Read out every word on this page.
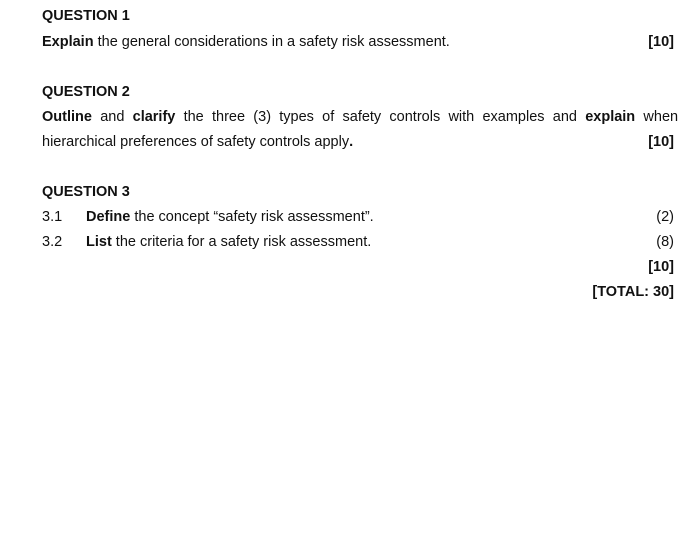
QUESTION 1
Explain the general considerations in a safety risk assessment.	[10]
QUESTION 2
Outline and clarify the three (3) types of safety controls with examples and explain when
hierarchical preferences of safety controls apply.	[10]
QUESTION 3
3.1 Define the concept “safety risk assessment”.	(2)
3.2 List the criteria for a safety risk assessment.	(8)
[10]
[TOTAL: 30]
